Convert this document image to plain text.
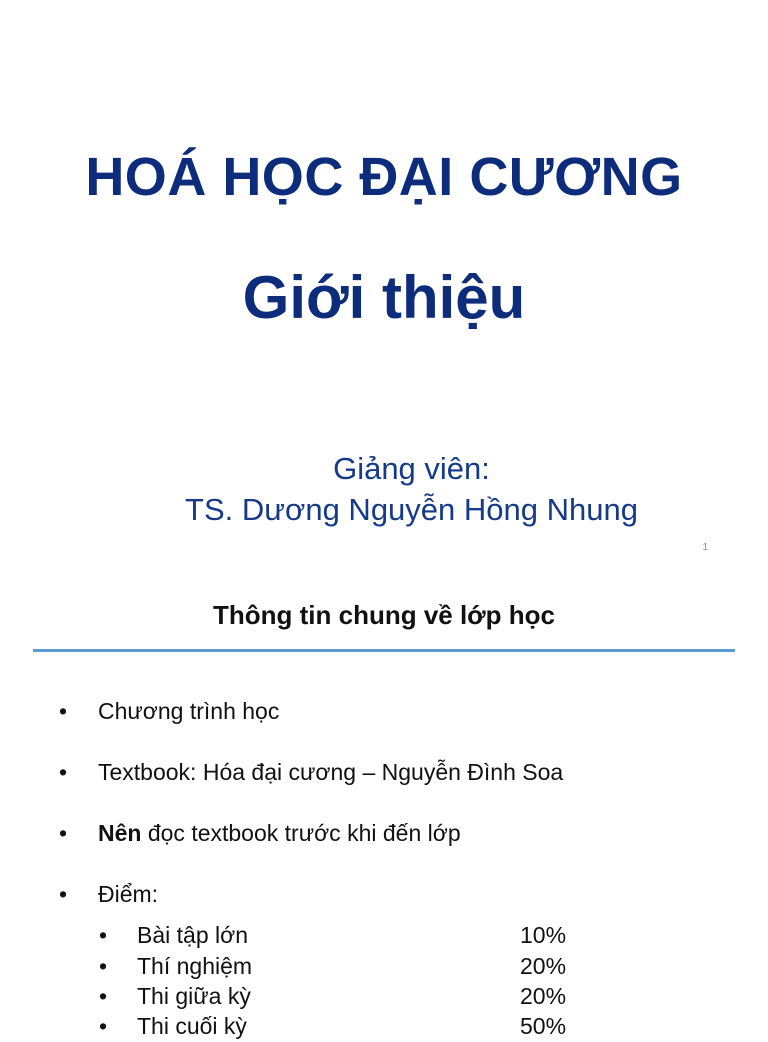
HOÁ HỌC ĐẠI CƯƠNG
Giới thiệu
Giảng viên:
TS. Dương Nguyễn Hồng Nhung
1
Thông tin chung về lớp học
• Chương trình học
• Textbook: Hóa đại cương – Nguyễn Đình Soa
• Nên đọc textbook trước khi đến lớp
• Điểm:
• Bài tập lớn	10%
• Thí nghiệm	20%
• Thi giữa kỳ	20%
• Thi cuối kỳ	50%
